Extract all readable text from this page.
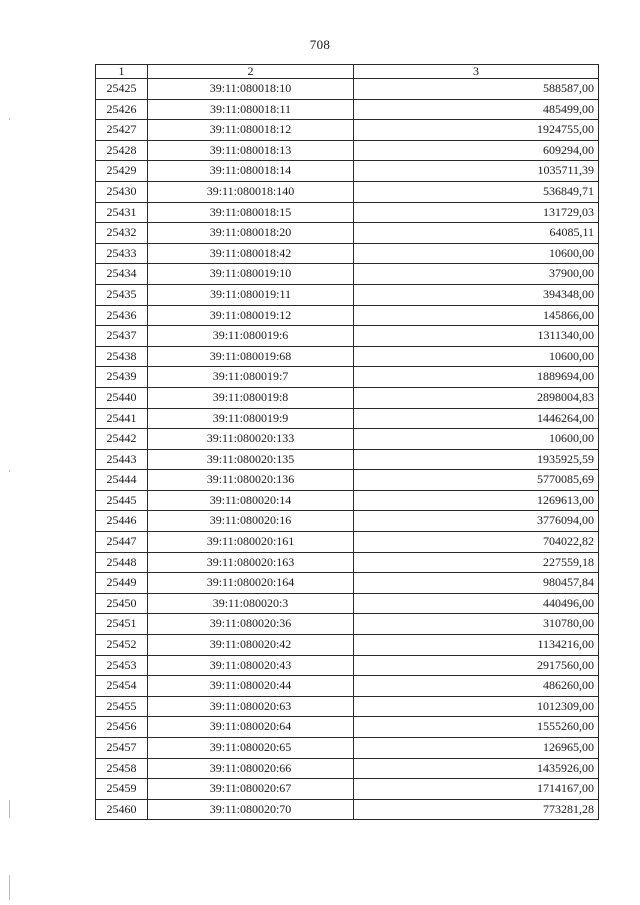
708
1	2	3
25425	39:11:080018:10	588587,00
25426	39:11:080018:11	485499,00
25427	39:11:080018:12	1924755,00
25428	39:11:080018:13	609294,00
25429	39:11:080018:14	1035711,39
25430	39:11:080018:140	536849,71
25431	39:11:080018:15	131729,03
25432	39:11:080018:20	64085,11
25433	39:11:080018:42	10600,00
25434	39:11:080019:10	37900,00
25435	39:11:080019:11	394348,00
25436	39:11:080019:12	145866,00
25437	39:11:080019:6	1311340,00
25438	39:11:080019:68	10600,00
25439	39:11:080019:7	1889694,00
25440	39:11:080019:8	2898004,83
25441	39:11:080019:9	1446264,00
25442	39:11:080020:133	10600,00
25443	39:11:080020:135	1935925,59
25444	39:11:080020:136	5770085,69
25445	39:11:080020:14	1269613,00
25446	39:11:080020:16	3776094,00
25447	39:11:080020:161	704022,82
25448	39:11:080020:163	227559,18
25449	39:11:080020:164	980457,84
25450	39:11:080020:3	440496,00
25451	39:11:080020:36	310780,00
25452	39:11:080020:42	1134216,00
25453	39:11:080020:43	2917560,00
25454	39:11:080020:44	486260,00
25455	39:11:080020:63	1012309,00
25456	39:11:080020:64	1555260,00
25457	39:11:080020:65	126965,00
25458	39:11:080020:66	1435926,00
25459	39:11:080020:67	1714167,00
25460	39:11:080020:70	773281,28
